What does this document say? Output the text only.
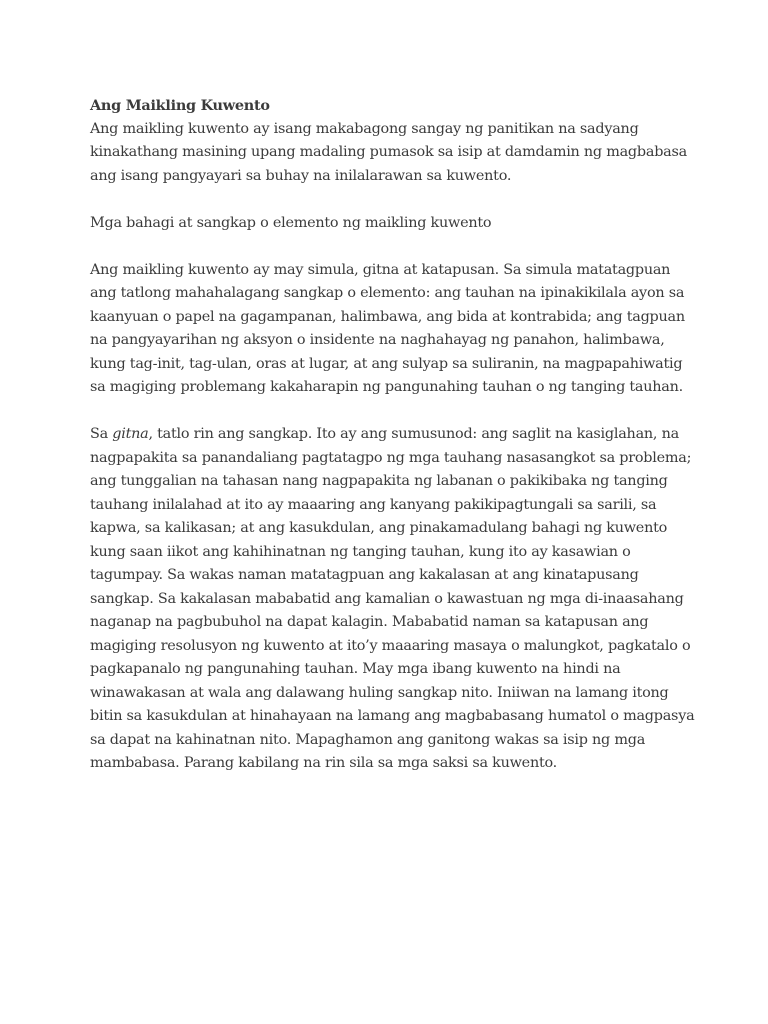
Ang Maikling Kuwento

Ang maikling kuwento ay isang makabagong sangay ng panitikan na sadyang kinakathang masining upang madaling pumasok sa isip at damdamin ng magbabasa ang isang pangyayari sa buhay na inilalarawan sa kuwento.

Mga bahagi at sangkap o elemento ng maikling kuwento

Ang maikling kuwento ay may simula, gitna at katapusan. Sa simula matatagpuan ang tatlong mahahalagang sangkap o elemento: ang tauhan na ipinakikilala ayon sa kaanyuan o papel na gagampanan, halimbawa, ang bida at kontrabida; ang tagpuan na pangyayarihan ng aksyon o insidente na naghahayag ng panahon, halimbawa, kung tag-init, tag-ulan, oras at lugar, at ang sulyap sa suliranin, na magpapahiwatig sa magiging problemang kakaharapin ng pangunahing tauhan o ng tanging tauhan.

Sa gitna, tatlo rin ang sangkap. Ito ay ang sumusunod: ang saglit na kasiglahan, na nagpapakita sa panandaliang pagtatagpo ng mga tauhang nasasangkot sa problema; ang tunggalian na tahasan nang nagpapakita ng labanan o pakikibaka ng tanging tauhang inilalahad at ito ay maaaring ang kanyang pakikipagtungali sa sarili, sa kapwa, sa kalikasan; at ang kasukdulan, ang pinakamadulang bahagi ng kuwento kung saan iikot ang kahihinatnan ng tanging tauhan, kung ito ay kasawian o tagumpay. Sa wakas naman matatagpuan ang kakalasan at ang kinatapusang sangkap. Sa kakalasan mababatid ang kamalian o kawastuan ng mga di-inaasahang naganap na pagbubuhol na dapat kalagin. Mababatid naman sa katapusan ang magiging resolusyon ng kuwento at ito’y maaaring masaya o malungkot, pagkatalo o pagkapanalo ng pangunahing tauhan. May mga ibang kuwento na hindi na winawakasan at wala ang dalawang huling sangkap nito. Iniiwan na lamang itong bitin sa kasukdulan at hinahayaan na lamang ang magbabasang humatol o magpasya sa dapat na kahinatnan nito. Mapaghamon ang ganitong wakas sa isip ng mga mambabasa. Parang kabilang na rin sila sa mga saksi sa kuwento.
